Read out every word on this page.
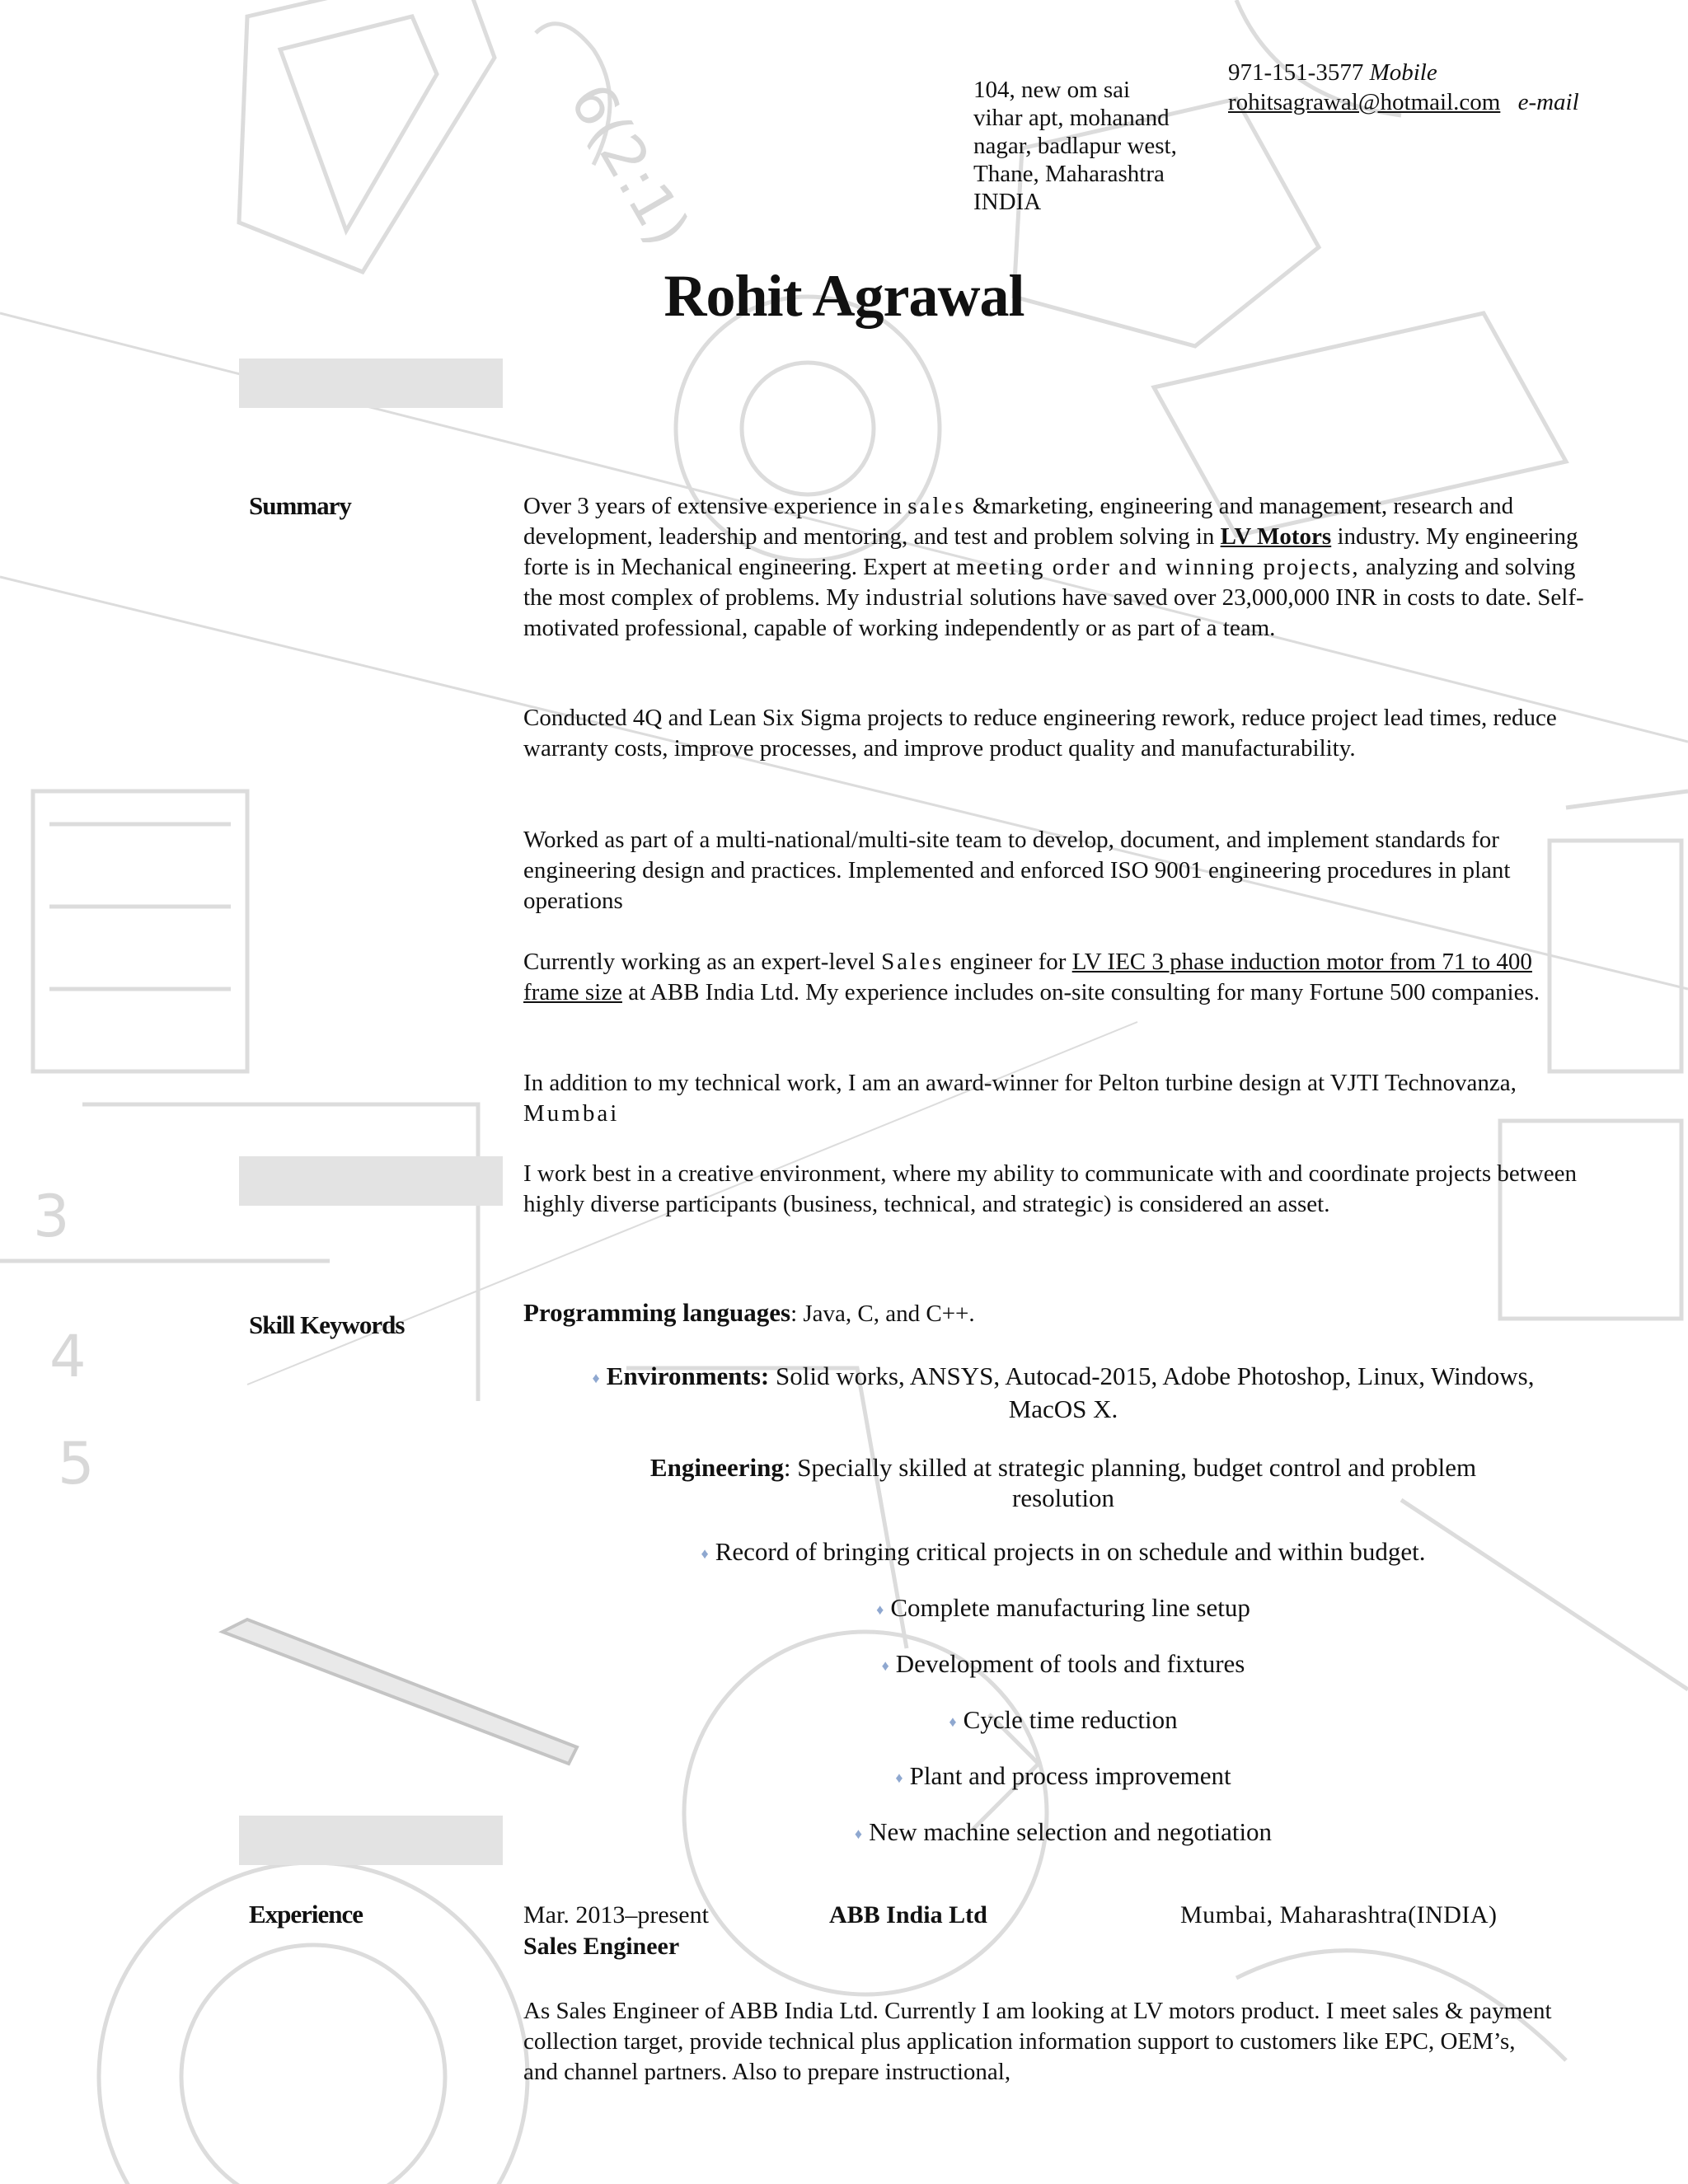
6(2:1)
4
5
3
104, new om sai
vihar apt, mohanand
nagar, badlapur west,
Thane, Maharashtra
INDIA
971-151-3577 Mobile
rohitsagrawal@hotmail.com e-mail
Rohit Agrawal
Summary	Over 3 years of extensive experience in sales &marketing, engineering and management, research and development, leadership and mentoring, and test and problem solving in LV Motors industry. My engineering forte is in Mechanical engineering. Expert at meeting order and winning projects, analyzing and solving the most complex of problems. My industrial solutions have saved over 23,000,000 INR in costs to date. Self-motivated professional, capable of working independently or as part of a team.
Conducted 4Q and Lean Six Sigma projects to reduce engineering rework, reduce project lead times, reduce warranty costs, improve processes, and improve product quality and manufacturability.
Worked as part of a multi-national/multi-site team to develop, document, and implement standards for engineering design and practices. Implemented and enforced ISO 9001 engineering procedures in plant operations
Currently working as an expert-level Sales engineer for LV IEC 3 phase induction motor from 71 to 400 frame size at ABB India Ltd. My experience includes on-site consulting for many Fortune 500 companies.
In addition to my technical work, I am an award-winner for Pelton turbine design at VJTI Technovanza, Mumbai
I work best in a creative environment, where my ability to communicate with and coordinate projects between highly diverse participants (business, technical, and strategic) is considered an asset.
Skill Keywords	Programming languages: Java, C, and C++.
♦ Environments: Solid works, ANSYS, Autocad-2015, Adobe Photoshop, Linux, Windows,
MacOS X.
Engineering: Specially skilled at strategic planning, budget control and problem
resolution
♦ Record of bringing critical projects in on schedule and within budget.
♦ Complete manufacturing line setup
♦ Development of tools and fixtures
♦ Cycle time reduction
♦ Plant and process improvement
♦ New machine selection and negotiation
Experience	Mar. 2013–present	ABB India Ltd	Mumbai, Maharashtra(INDIA)
Sales Engineer
As Sales Engineer of ABB India Ltd. Currently I am looking at LV motors product. I meet sales & payment collection target, provide technical plus application information support to customers like EPC, OEM’s, and channel partners. Also to prepare instructional,
